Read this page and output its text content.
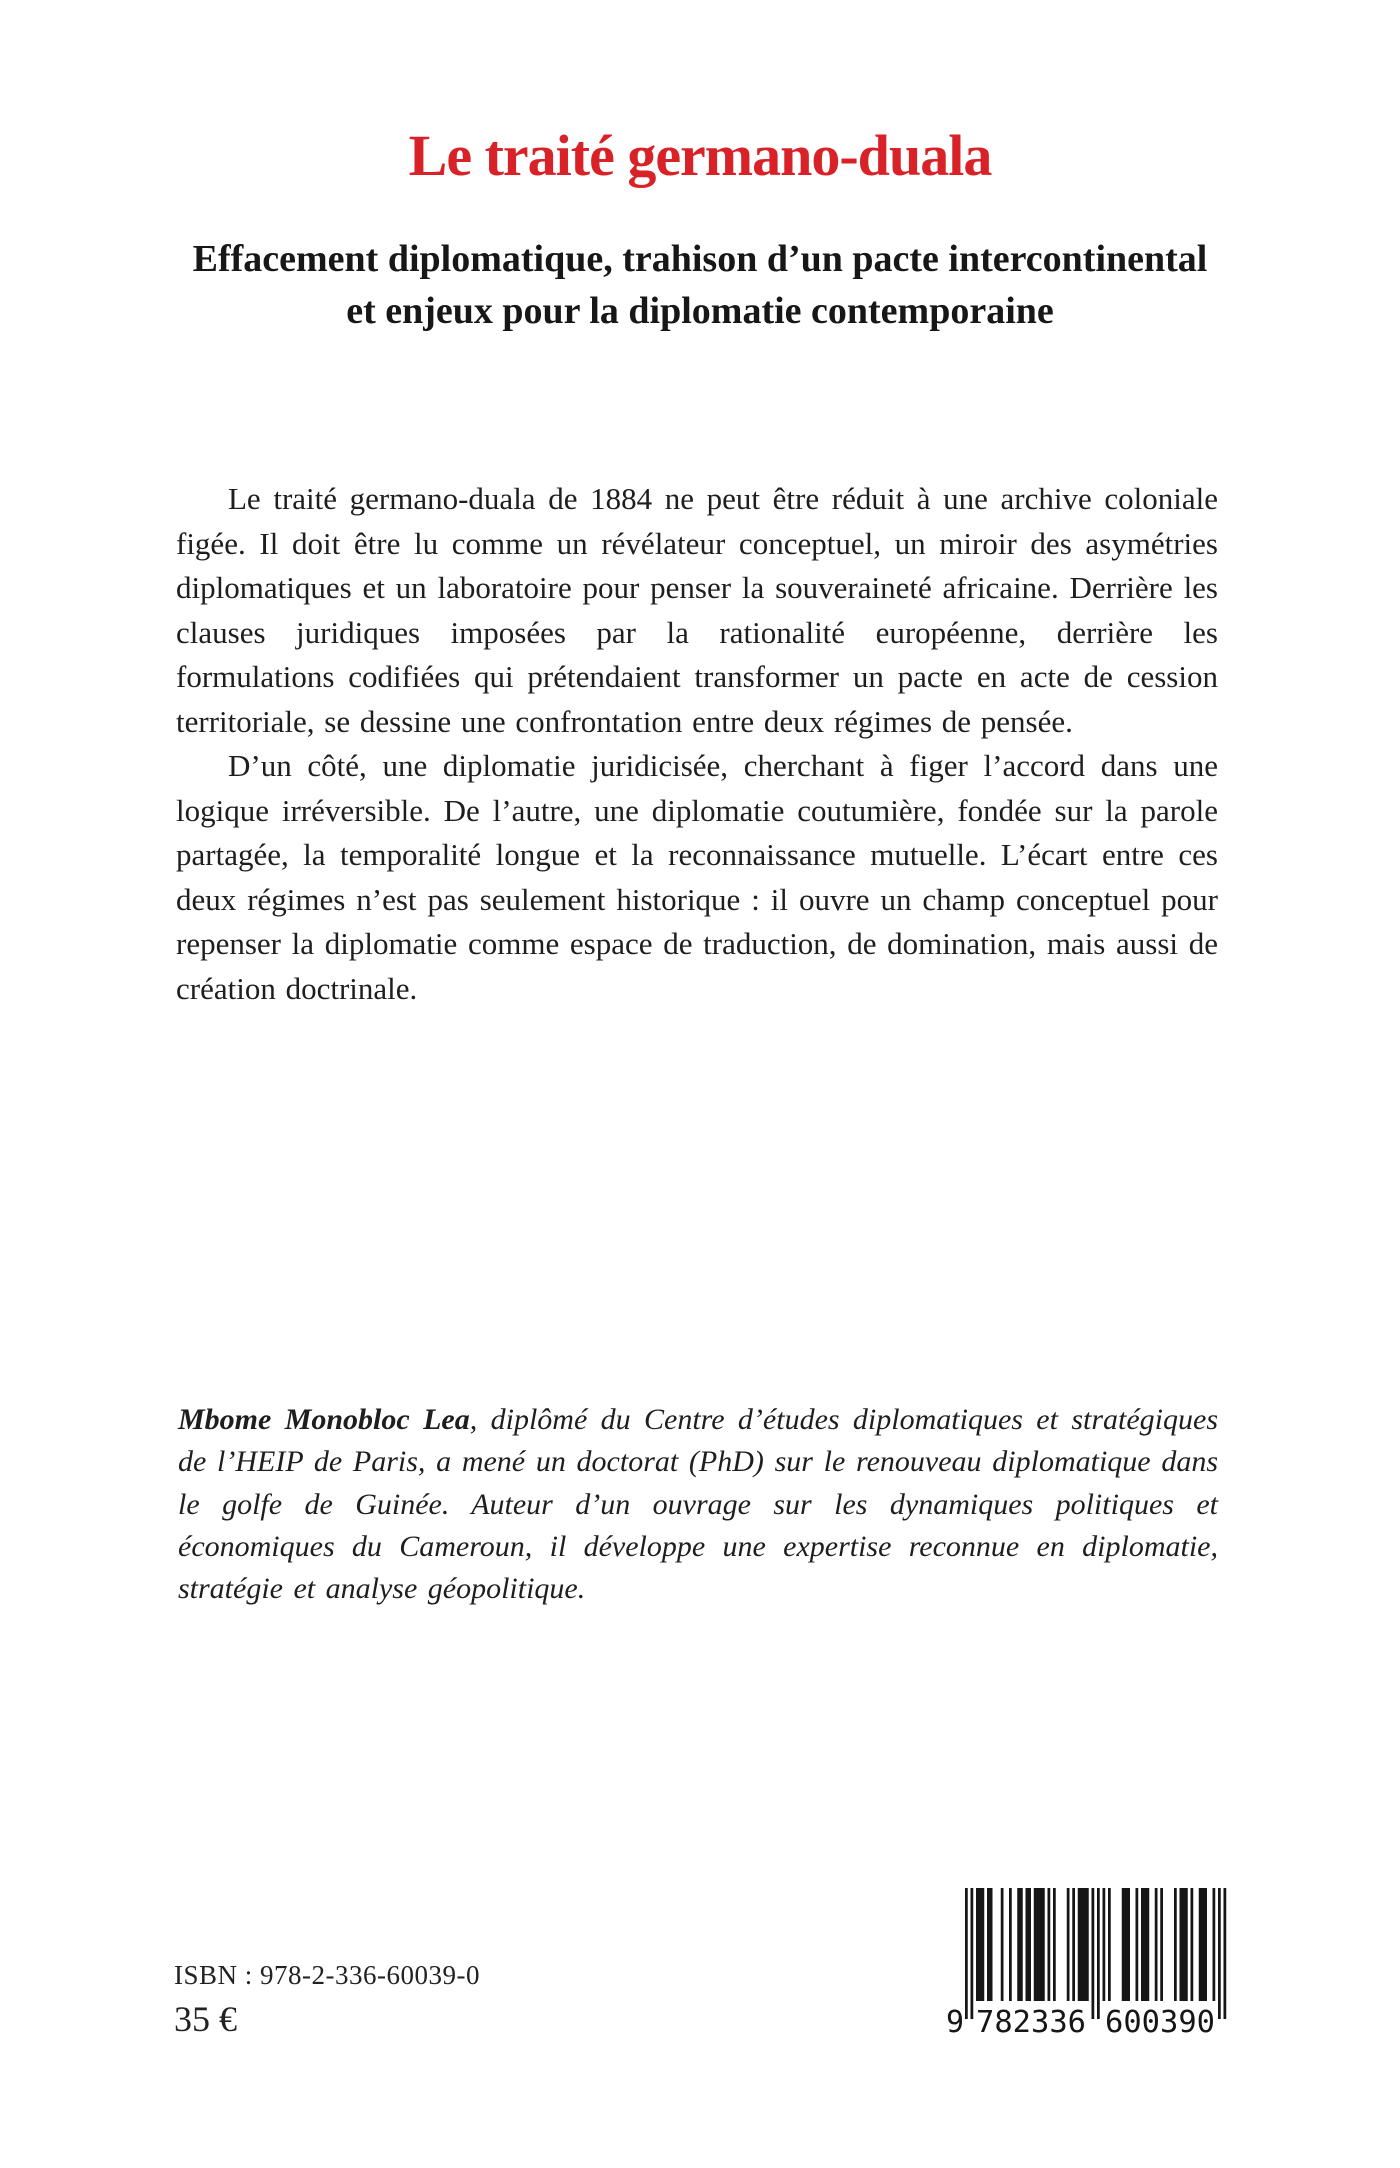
Le traité germano-duala
Effacement diplomatique, trahison d’un pacte intercontinental
et enjeux pour la diplomatie contemporaine

Le traité germano-duala de 1884 ne peut être réduit à une archive coloniale figée. Il doit être lu comme un révélateur conceptuel, un miroir des asymétries diplomatiques et un laboratoire pour penser la souveraineté africaine. Derrière les clauses juridiques imposées par la rationalité européenne, derrière les formulations codifiées qui prétendaient transformer un pacte en acte de cession territoriale, se dessine une confrontation entre deux régimes de pensée.

D’un côté, une diplomatie juridicisée, cherchant à figer l’accord dans une logique irréversible. De l’autre, une diplomatie coutumière, fondée sur la parole partagée, la temporalité longue et la reconnaissance mutuelle. L’écart entre ces deux régimes n’est pas seulement historique : il ouvre un champ conceptuel pour repenser la diplomatie comme espace de traduction, de domination, mais aussi de création doctrinale.

Mbome Monobloc Lea, diplômé du Centre d’études diplomatiques et stratégiques de l’HEIP de Paris, a mené un doctorat (PhD) sur le renouveau diplomatique dans le golfe de Guinée. Auteur d’un ouvrage sur les dynamiques politiques et économiques du Cameroun, il développe une expertise reconnue en diplomatie, stratégie et analyse géopolitique.

ISBN : 978-2-336-60039-0
35 €	9 782336 600390
